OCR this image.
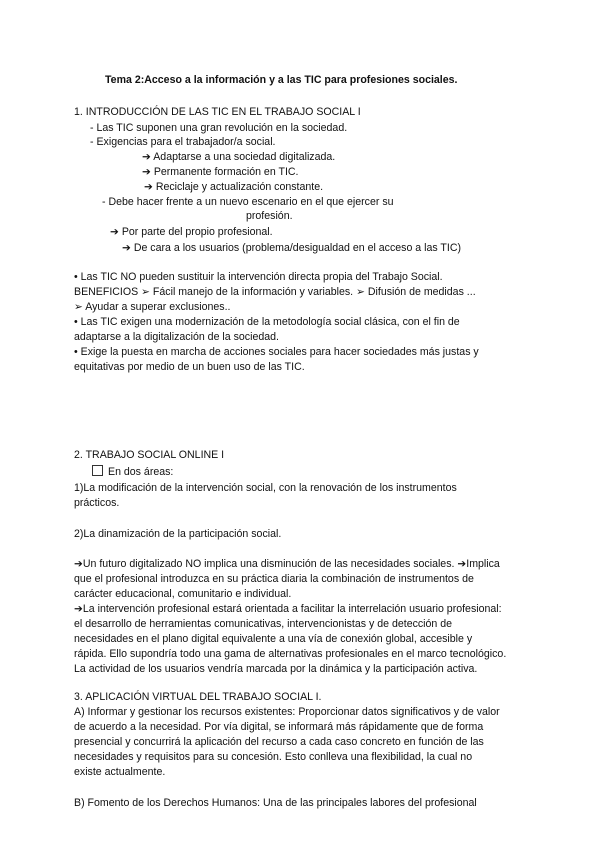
Tema 2:Acceso a la información y a las TIC para profesiones sociales.
1. INTRODUCCIÓN DE LAS TIC EN EL TRABAJO SOCIAL I
- Las TIC suponen una gran revolución en la sociedad.
- Exigencias para el trabajador/a social.
➔ Adaptarse a una sociedad digitalizada.
➔ Permanente formación en TIC.
➔ Reciclaje y actualización constante.
- Debe hacer frente a un nuevo escenario en el que ejercer su
profesión.
➔ Por parte del propio profesional.
➔ De cara a los usuarios (problema/desigualdad en el acceso a las TIC)
• Las TIC NO pueden sustituir la intervención directa propia del Trabajo Social.
BENEFICIOS ➢ Fácil manejo de la información y variables. ➢ Difusión de medidas ...
➢ Ayudar a superar exclusiones..
• Las TIC exigen una modernización de la metodología social clásica, con el fin de
adaptarse a la digitalización de la sociedad.
• Exige la puesta en marcha de acciones sociales para hacer sociedades más justas y
equitativas por medio de un buen uso de las TIC.
2. TRABAJO SOCIAL ONLINE I
En dos áreas:
1)La modificación de la intervención social, con la renovación de los instrumentos
prácticos.
2)La dinamización de la participación social.
➔Un futuro digitalizado NO implica una disminución de las necesidades sociales. ➔Implica
que el profesional introduzca en su práctica diaria la combinación de instrumentos de
carácter educacional, comunitario e individual.
➔La intervención profesional estará orientada a facilitar la interrelación usuario profesional:
el desarrollo de herramientas comunicativas, intervencionistas y de detección de
necesidades en el plano digital equivalente a una vía de conexión global, accesible y
rápida. Ello supondría todo una gama de alternativas profesionales en el marco tecnológico.
La actividad de los usuarios vendría marcada por la dinámica y la participación activa.
3. APLICACIÓN VIRTUAL DEL TRABAJO SOCIAL I.
A) Informar y gestionar los recursos existentes: Proporcionar datos significativos y de valor
de acuerdo a la necesidad. Por vía digital, se informará más rápidamente que de forma
presencial y concurrirá la aplicación del recurso a cada caso concreto en función de las
necesidades y requisitos para su concesión. Esto conlleva una flexibilidad, la cual no
existe actualmente.
B) Fomento de los Derechos Humanos: Una de las principales labores del profesional
